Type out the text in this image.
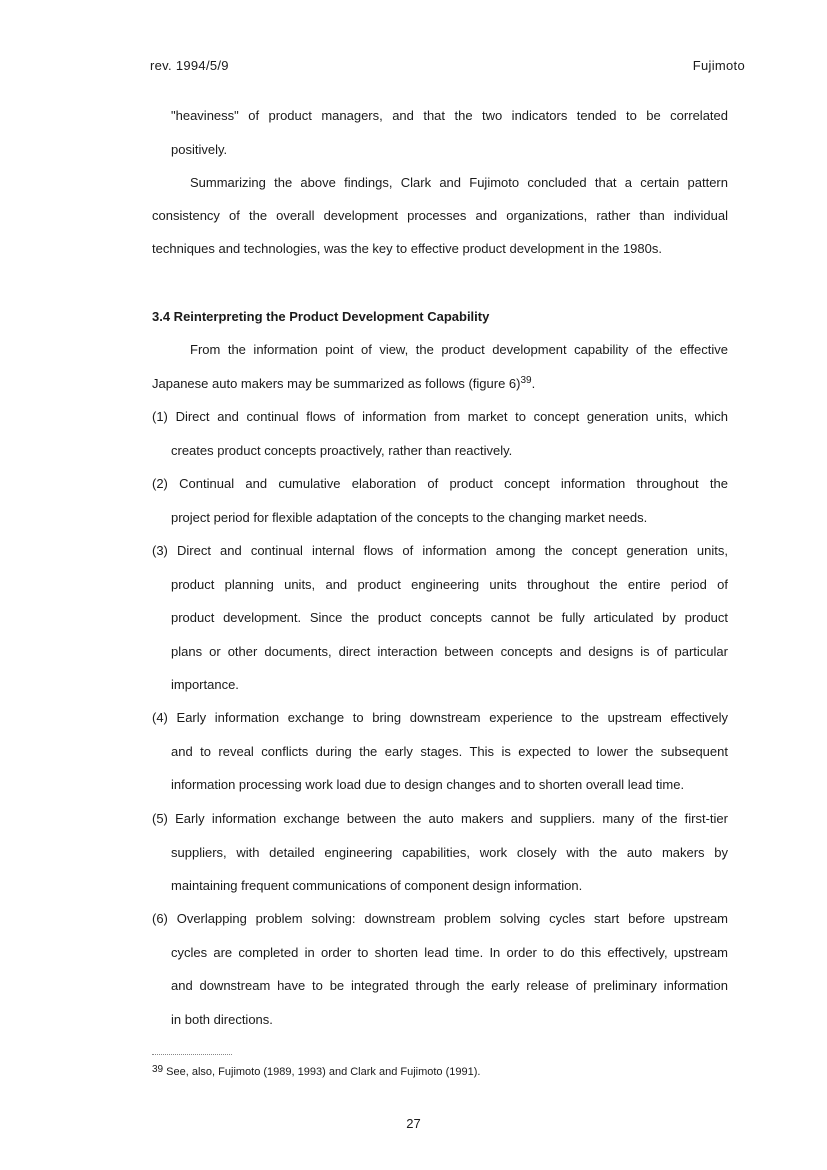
rev. 1994/5/9	Fujimoto
"heaviness" of product managers, and that the two indicators tended to be correlated
positively.
Summarizing the above findings, Clark and Fujimoto concluded that a certain pattern
consistency of the overall development processes and organizations, rather than individual
techniques and technologies, was the key to effective product development in the 1980s.
3.4 Reinterpreting the Product Development Capability
From the information point of view, the product development capability of the effective
Japanese auto makers may be summarized as follows (figure 6)$^{39}$.
(1) Direct and continual flows of information from market to concept generation units, which
creates product concepts proactively, rather than reactively.
(2) Continual and cumulative elaboration of product concept information throughout the
project period for flexible adaptation of the concepts to the changing market needs.
(3) Direct and continual internal flows of information among the concept generation units,
product planning units, and product engineering units throughout the entire period of
product development. Since the product concepts cannot be fully articulated by product
plans or other documents, direct interaction between concepts and designs is of particular
importance.
(4) Early information exchange to bring downstream experience to the upstream effectively
and to reveal conflicts during the early stages. This is expected to lower the subsequent
information processing work load due to design changes and to shorten overall lead time.
(5) Early information exchange between the auto makers and suppliers. many of the first-tier
suppliers, with detailed engineering capabilities, work closely with the auto makers by
maintaining frequent communications of component design information.
(6) Overlapping problem solving: downstream problem solving cycles start before upstream
cycles are completed in order to shorten lead time. In order to do this effectively, upstream
and downstream have to be integrated through the early release of preliminary information
in both directions.
$^{39}$ See, also, Fujimoto (1989, 1993) and Clark and Fujimoto (1991).
27
